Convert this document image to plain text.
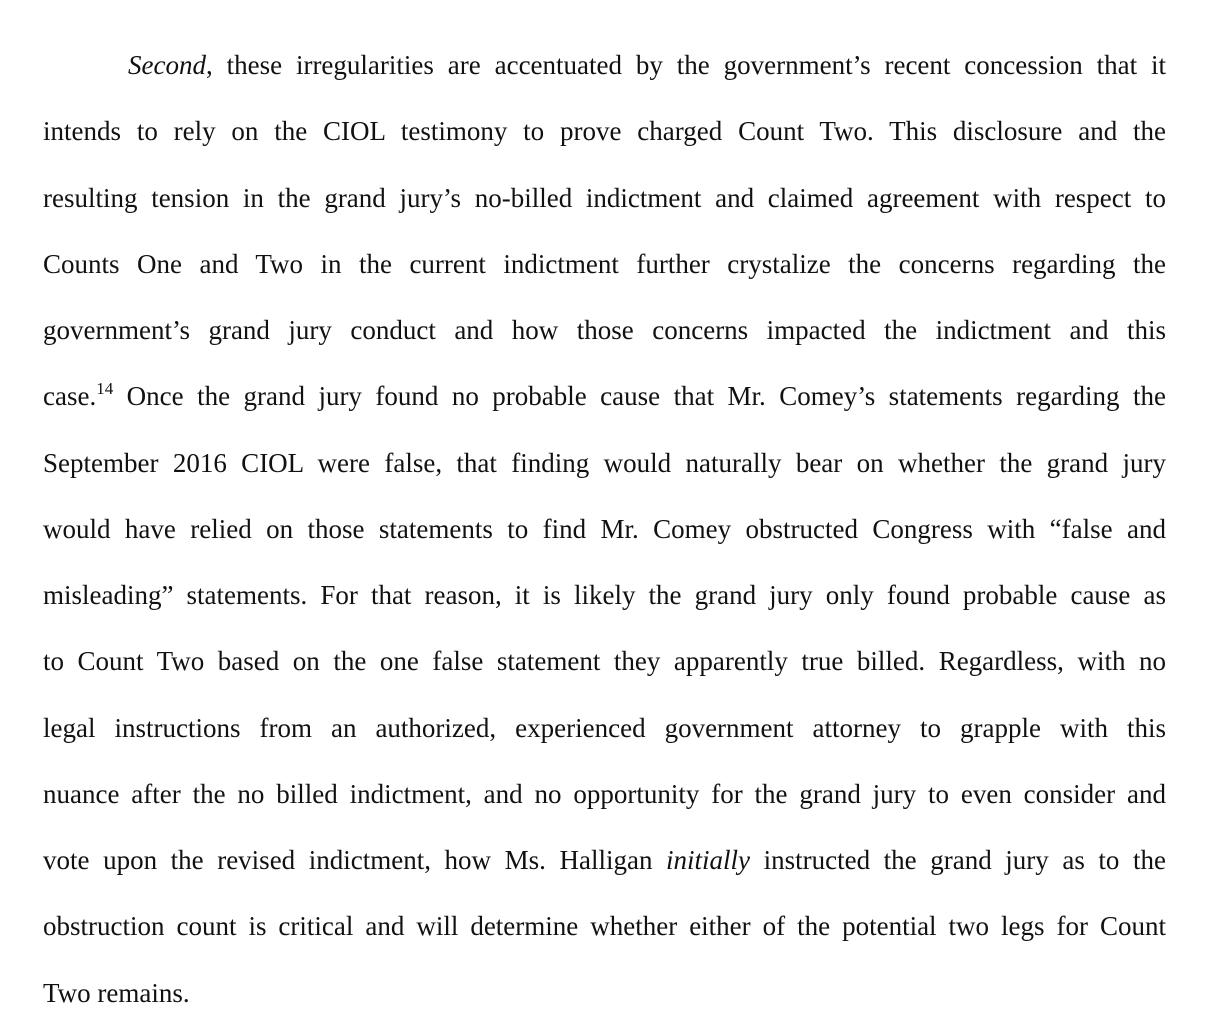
Second, these irregularities are accentuated by the government’s recent concession that it
intends to rely on the CIOL testimony to prove charged Count Two. This disclosure and the
resulting tension in the grand jury’s no-billed indictment and claimed agreement with respect to
Counts One and Two in the current indictment further crystalize the concerns regarding the
government’s grand jury conduct and how those concerns impacted the indictment and this
case.$^{14}$ Once the grand jury found no probable cause that Mr. Comey’s statements regarding the
September 2016 CIOL were false, that finding would naturally bear on whether the grand jury
would have relied on those statements to find Mr. Comey obstructed Congress with “false and
misleading” statements. For that reason, it is likely the grand jury only found probable cause as
to Count Two based on the one false statement they apparently true billed. Regardless, with no
legal instructions from an authorized, experienced government attorney to grapple with this
nuance after the no billed indictment, and no opportunity for the grand jury to even consider and
vote upon the revised indictment, how Ms. Halligan initially instructed the grand jury as to the
obstruction count is critical and will determine whether either of the potential two legs for Count
Two remains.
